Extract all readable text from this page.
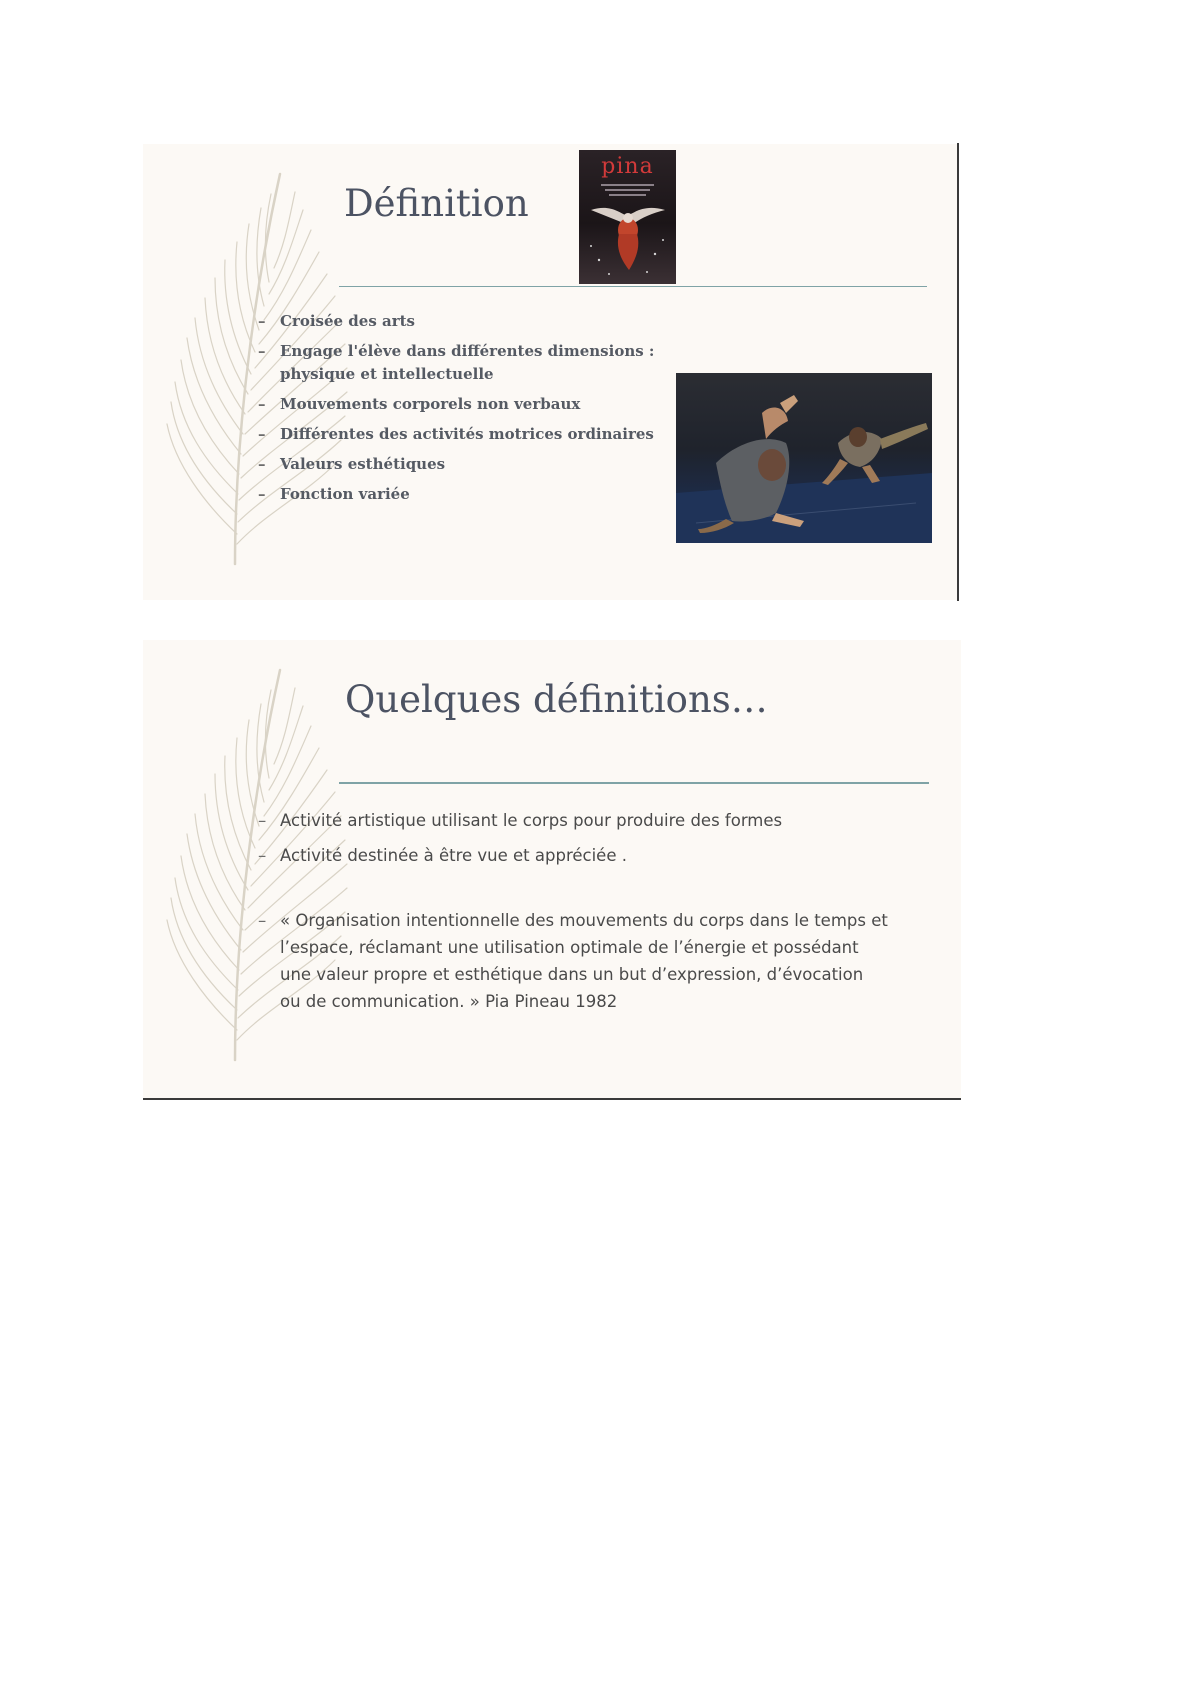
Définition
pina
– Croisée des arts
– Engage l'élève dans différentes dimensions : physique et intellectuelle
– Mouvements corporels non verbaux
– Différentes des activités motrices ordinaires
– Valeurs esthétiques
– Fonction variée
Quelques définitions…
– Activité artistique utilisant le corps pour produire des formes
– Activité destinée à être vue et appréciée .
– « Organisation intentionnelle des mouvements du corps dans le temps et l’espace, réclamant une utilisation optimale de l’énergie et possédant une valeur propre et esthétique dans un but d’expression, d’évocation ou de communication. » Pia Pineau 1982
